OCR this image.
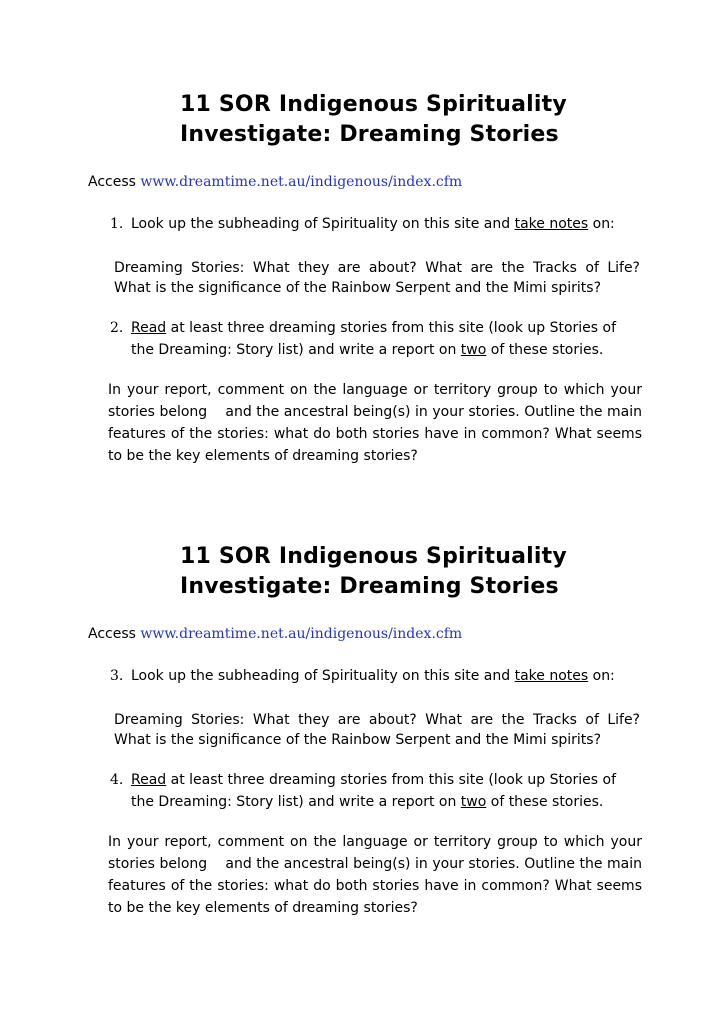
11 SOR Indigenous Spirituality
Investigate: Dreaming Stories
Access www.dreamtime.net.au/indigenous/index.cfm
1. Look up the subheading of Spirituality on this site and take notes on:
Dreaming Stories: What they are about? What are the Tracks of Life?
What is the significance of the Rainbow Serpent and the Mimi spirits?
2. Read at least three dreaming stories from this site (look up Stories of
the Dreaming: Story list) and write a report on two of these stories.
In your report, comment on the language or territory group to which your
stories belong    and the ancestral being(s) in your stories. Outline the main
features of the stories: what do both stories have in common? What seems
to be the key elements of dreaming stories?
11 SOR Indigenous Spirituality
Investigate: Dreaming Stories
Access www.dreamtime.net.au/indigenous/index.cfm
3. Look up the subheading of Spirituality on this site and take notes on:
Dreaming Stories: What they are about? What are the Tracks of Life?
What is the significance of the Rainbow Serpent and the Mimi spirits?
4. Read at least three dreaming stories from this site (look up Stories of
the Dreaming: Story list) and write a report on two of these stories.
In your report, comment on the language or territory group to which your
stories belong    and the ancestral being(s) in your stories. Outline the main
features of the stories: what do both stories have in common? What seems
to be the key elements of dreaming stories?
